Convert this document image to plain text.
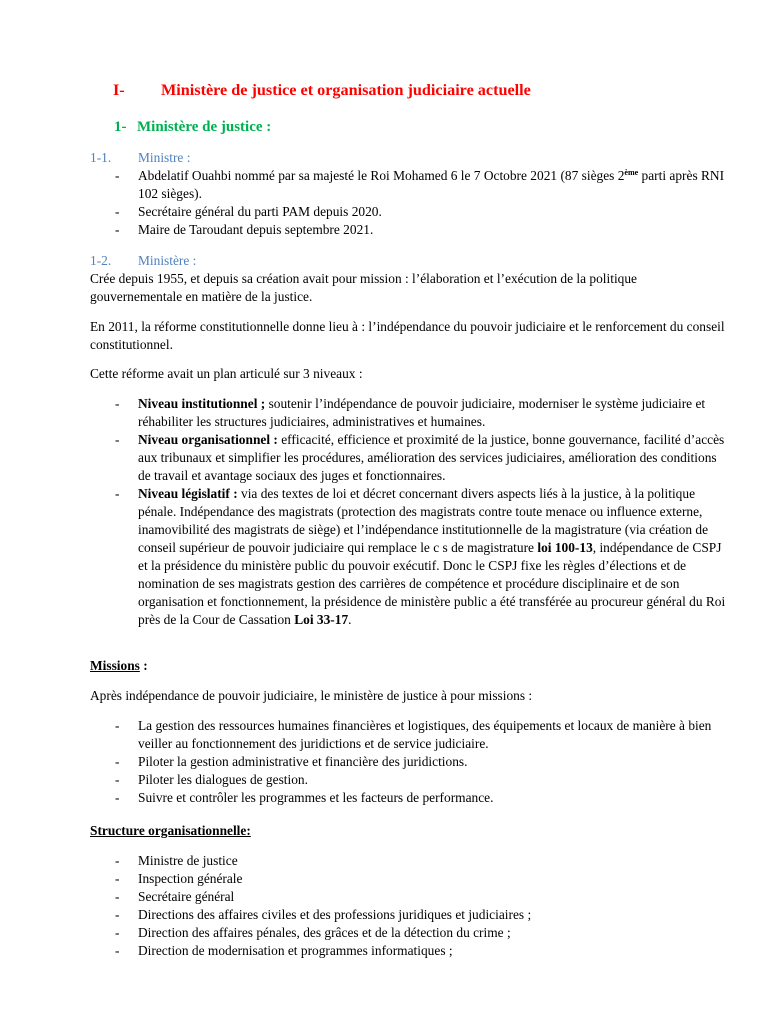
I- Ministère de justice et organisation judiciaire actuelle
1- Ministère de justice :
1-1. Ministre :
- Abdelatif Ouahbi nommé par sa majesté le Roi Mohamed 6 le 7 Octobre 2021 (87 sièges 2ème parti après RNI 102 sièges).
- Secrétaire général du parti PAM depuis 2020.
- Maire de Taroudant depuis septembre 2021.
1-2. Ministère :

Crée depuis 1955, et depuis sa création avait pour mission : l’élaboration et l’exécution de la politique gouvernementale en matière de la justice.

En 2011, la réforme constitutionnelle donne lieu à : l’indépendance du pouvoir judiciaire et le renforcement du conseil constitutionnel.

Cette réforme avait un plan articulé sur 3 niveaux :

- Niveau institutionnel ; soutenir l’indépendance de pouvoir judiciaire, moderniser le système judiciaire et réhabiliter les structures judiciaires, administratives et humaines.
- Niveau organisationnel : efficacité, efficience et proximité de la justice, bonne gouvernance, facilité d’accès aux tribunaux et simplifier les procédures, amélioration des services judiciaires, amélioration des conditions de travail et avantage sociaux des juges et fonctionnaires.
- Niveau législatif : via des textes de loi et décret concernant divers aspects liés à la justice, à la politique pénale. Indépendance des magistrats (protection des magistrats contre toute menace ou influence externe, inamovibilité des magistrats de siège) et l’indépendance institutionnelle de la magistrature (via création de conseil supérieur de pouvoir judiciaire qui remplace le c s de magistrature loi 100-13, indépendance de CSPJ et la présidence du ministère public du pouvoir exécutif. Donc le CSPJ fixe les règles d’élections et de nomination de ses magistrats gestion des carrières de compétence et procédure disciplinaire et de son organisation et fonctionnement, la présidence de ministère public a été transférée au procureur général du Roi près de la Cour de Cassation Loi 33-17.

Missions :

Après indépendance de pouvoir judiciaire, le ministère de justice à pour missions :

- La gestion des ressources humaines financières et logistiques, des équipements et locaux de manière à bien veiller au fonctionnement des juridictions et de service judiciaire.
- Piloter la gestion administrative et financière des juridictions.
- Piloter les dialogues de gestion.
- Suivre et contrôler les programmes et les facteurs de performance.

Structure organisationnelle:

- Ministre de justice
- Inspection générale
- Secrétaire général
- Directions des affaires civiles et des professions juridiques et judiciaires ;
- Direction des affaires pénales, des grâces et de la détection du crime ;
- Direction de modernisation et programmes informatiques ;
